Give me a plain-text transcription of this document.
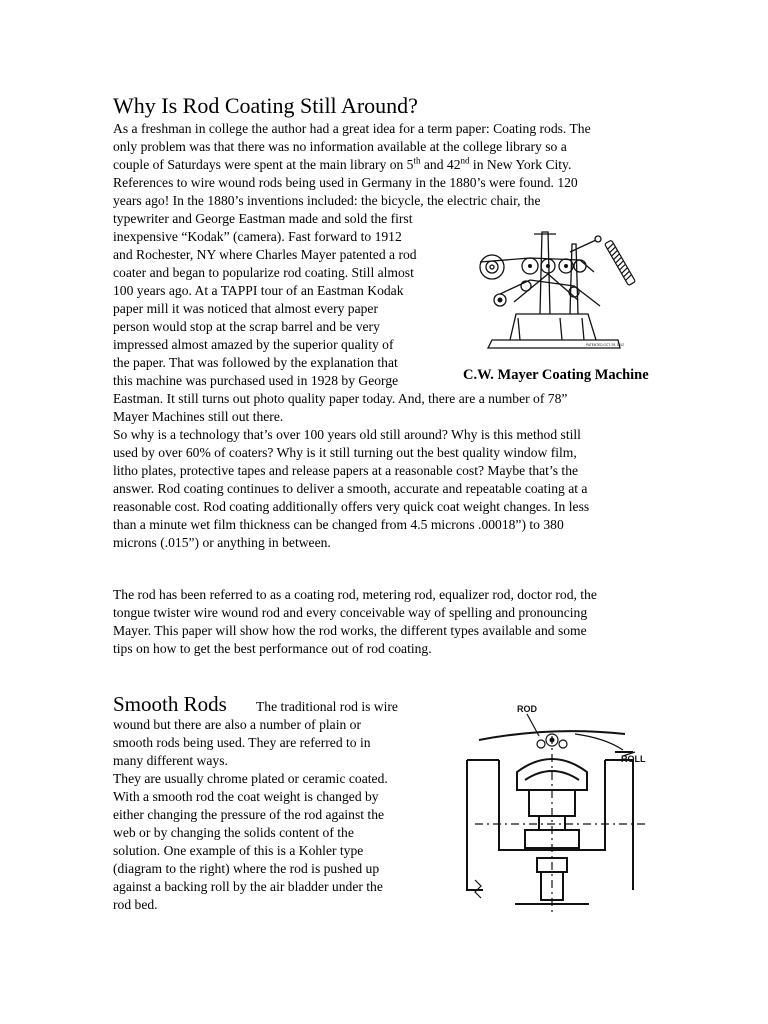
Why Is Rod Coating Still Around?
As a freshman in college the author had a great idea for a term paper: Coating rods. The
only problem was that there was no information available at the college library so a
couple of Saturdays were spent at the main library on 5th and 42nd in New York City.
References to wire wound rods being used in Germany in the 1880’s were found. 120
years ago! In the 1880’s inventions included: the bicycle, the electric chair, the
typewriter and George Eastman made and sold the first
inexpensive “Kodak” (camera). Fast forward to 1912
and Rochester, NY where Charles Mayer patented a rod
coater and began to popularize rod coating. Still almost
100 years ago. At a TAPPI tour of an Eastman Kodak
paper mill it was noticed that almost every paper
person would stop at the scrap barrel and be very
impressed almost amazed by the superior quality of
the paper. That was followed by the explanation that
this machine was purchased used in 1928 by George
Eastman. It still turns out photo quality paper today. And, there are a number of 78”
Mayer Machines still out there.
So why is a technology that’s over 100 years old still around? Why is this method still
used by over 60% of coaters? Why is it still turning out the best quality window film,
litho plates, protective tapes and release papers at a reasonable cost? Maybe that’s the
answer. Rod coating continues to deliver a smooth, accurate and repeatable coating at a
reasonable cost. Rod coating additionally offers very quick coat weight changes. In less
than a minute wet film thickness can be changed from 4.5 microns .00018”) to 380
microns (.015”) or anything in between.
The rod has been referred to as a coating rod, metering rod, equalizer rod, doctor rod, the
tongue twister wire wound rod and every conceivable way of spelling and pronouncing
Mayer. This paper will show how the rod works, the different types available and some
tips on how to get the best performance out of rod coating.
PATENTED OCT. 29, 1912
C.W. Mayer Coating Machine
Smooth Rods The traditional rod is wire
wound but there are also a number of plain or
smooth rods being used. They are referred to in
many different ways.
They are usually chrome plated or ceramic coated.
With a smooth rod the coat weight is changed by
either changing the pressure of the rod against the
web or by changing the solids content of the
solution. One example of this is a Kohler type
(diagram to the right) where the rod is pushed up
against a backing roll by the air bladder under the
rod bed.
ROD
ROLL
